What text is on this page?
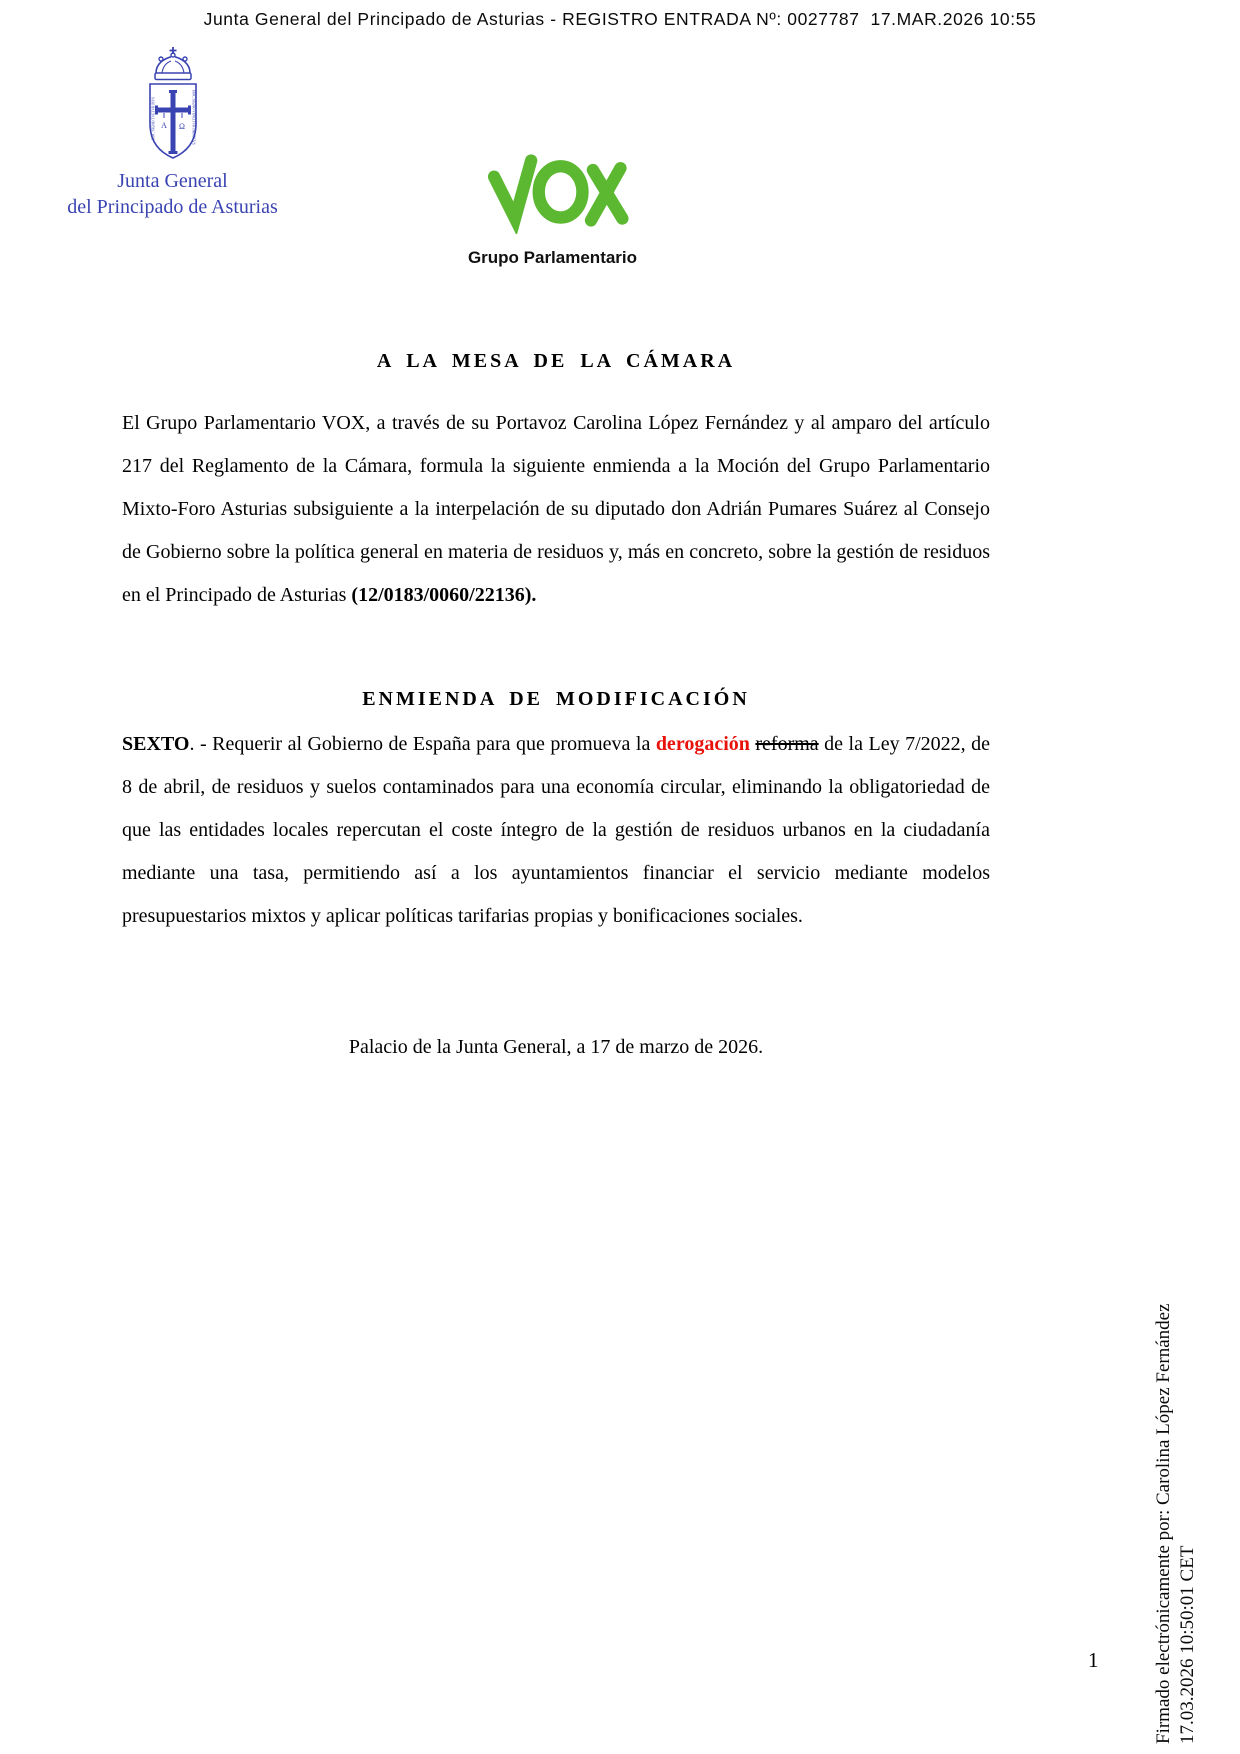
Junta General del Principado de Asturias - REGISTRO ENTRADA Nº: 0027787  17.MAR.2026 10:55
Α Ω
HOC SIGNO TVETVR PIVS	HOC SIGNO VINCITVR INIMICVS
Junta General
del Principado de Asturias
Grupo Parlamentario
A LA MESA DE LA CÁMARA

El Grupo Parlamentario VOX, a través de su Portavoz Carolina López Fernández y al amparo del artículo 217 del Reglamento de la Cámara, formula la siguiente enmienda a la Moción del Grupo Parlamentario Mixto-Foro Asturias subsiguiente a la interpelación de su diputado don Adrián Pumares Suárez al Consejo de Gobierno sobre la política general en materia de residuos y, más en concreto, sobre la gestión de residuos en el Principado de Asturias (12/0183/0060/22136).

ENMIENDA DE MODIFICACIÓN

SEXTO. - Requerir al Gobierno de España para que promueva la derogación reforma de la Ley 7/2022, de 8 de abril, de residuos y suelos contaminados para una economía circular, eliminando la obligatoriedad de que las entidades locales repercutan el coste íntegro de la gestión de residuos urbanos en la ciudadanía mediante una tasa, permitiendo así a los ayuntamientos financiar el servicio mediante modelos presupuestarios mixtos y aplicar políticas tarifarias propias y bonificaciones sociales.

Palacio de la Junta General, a 17 de marzo de 2026.
Firmado electrónicamente por: Carolina López Fernández 17.03.2026 10:50:01 CET
1
